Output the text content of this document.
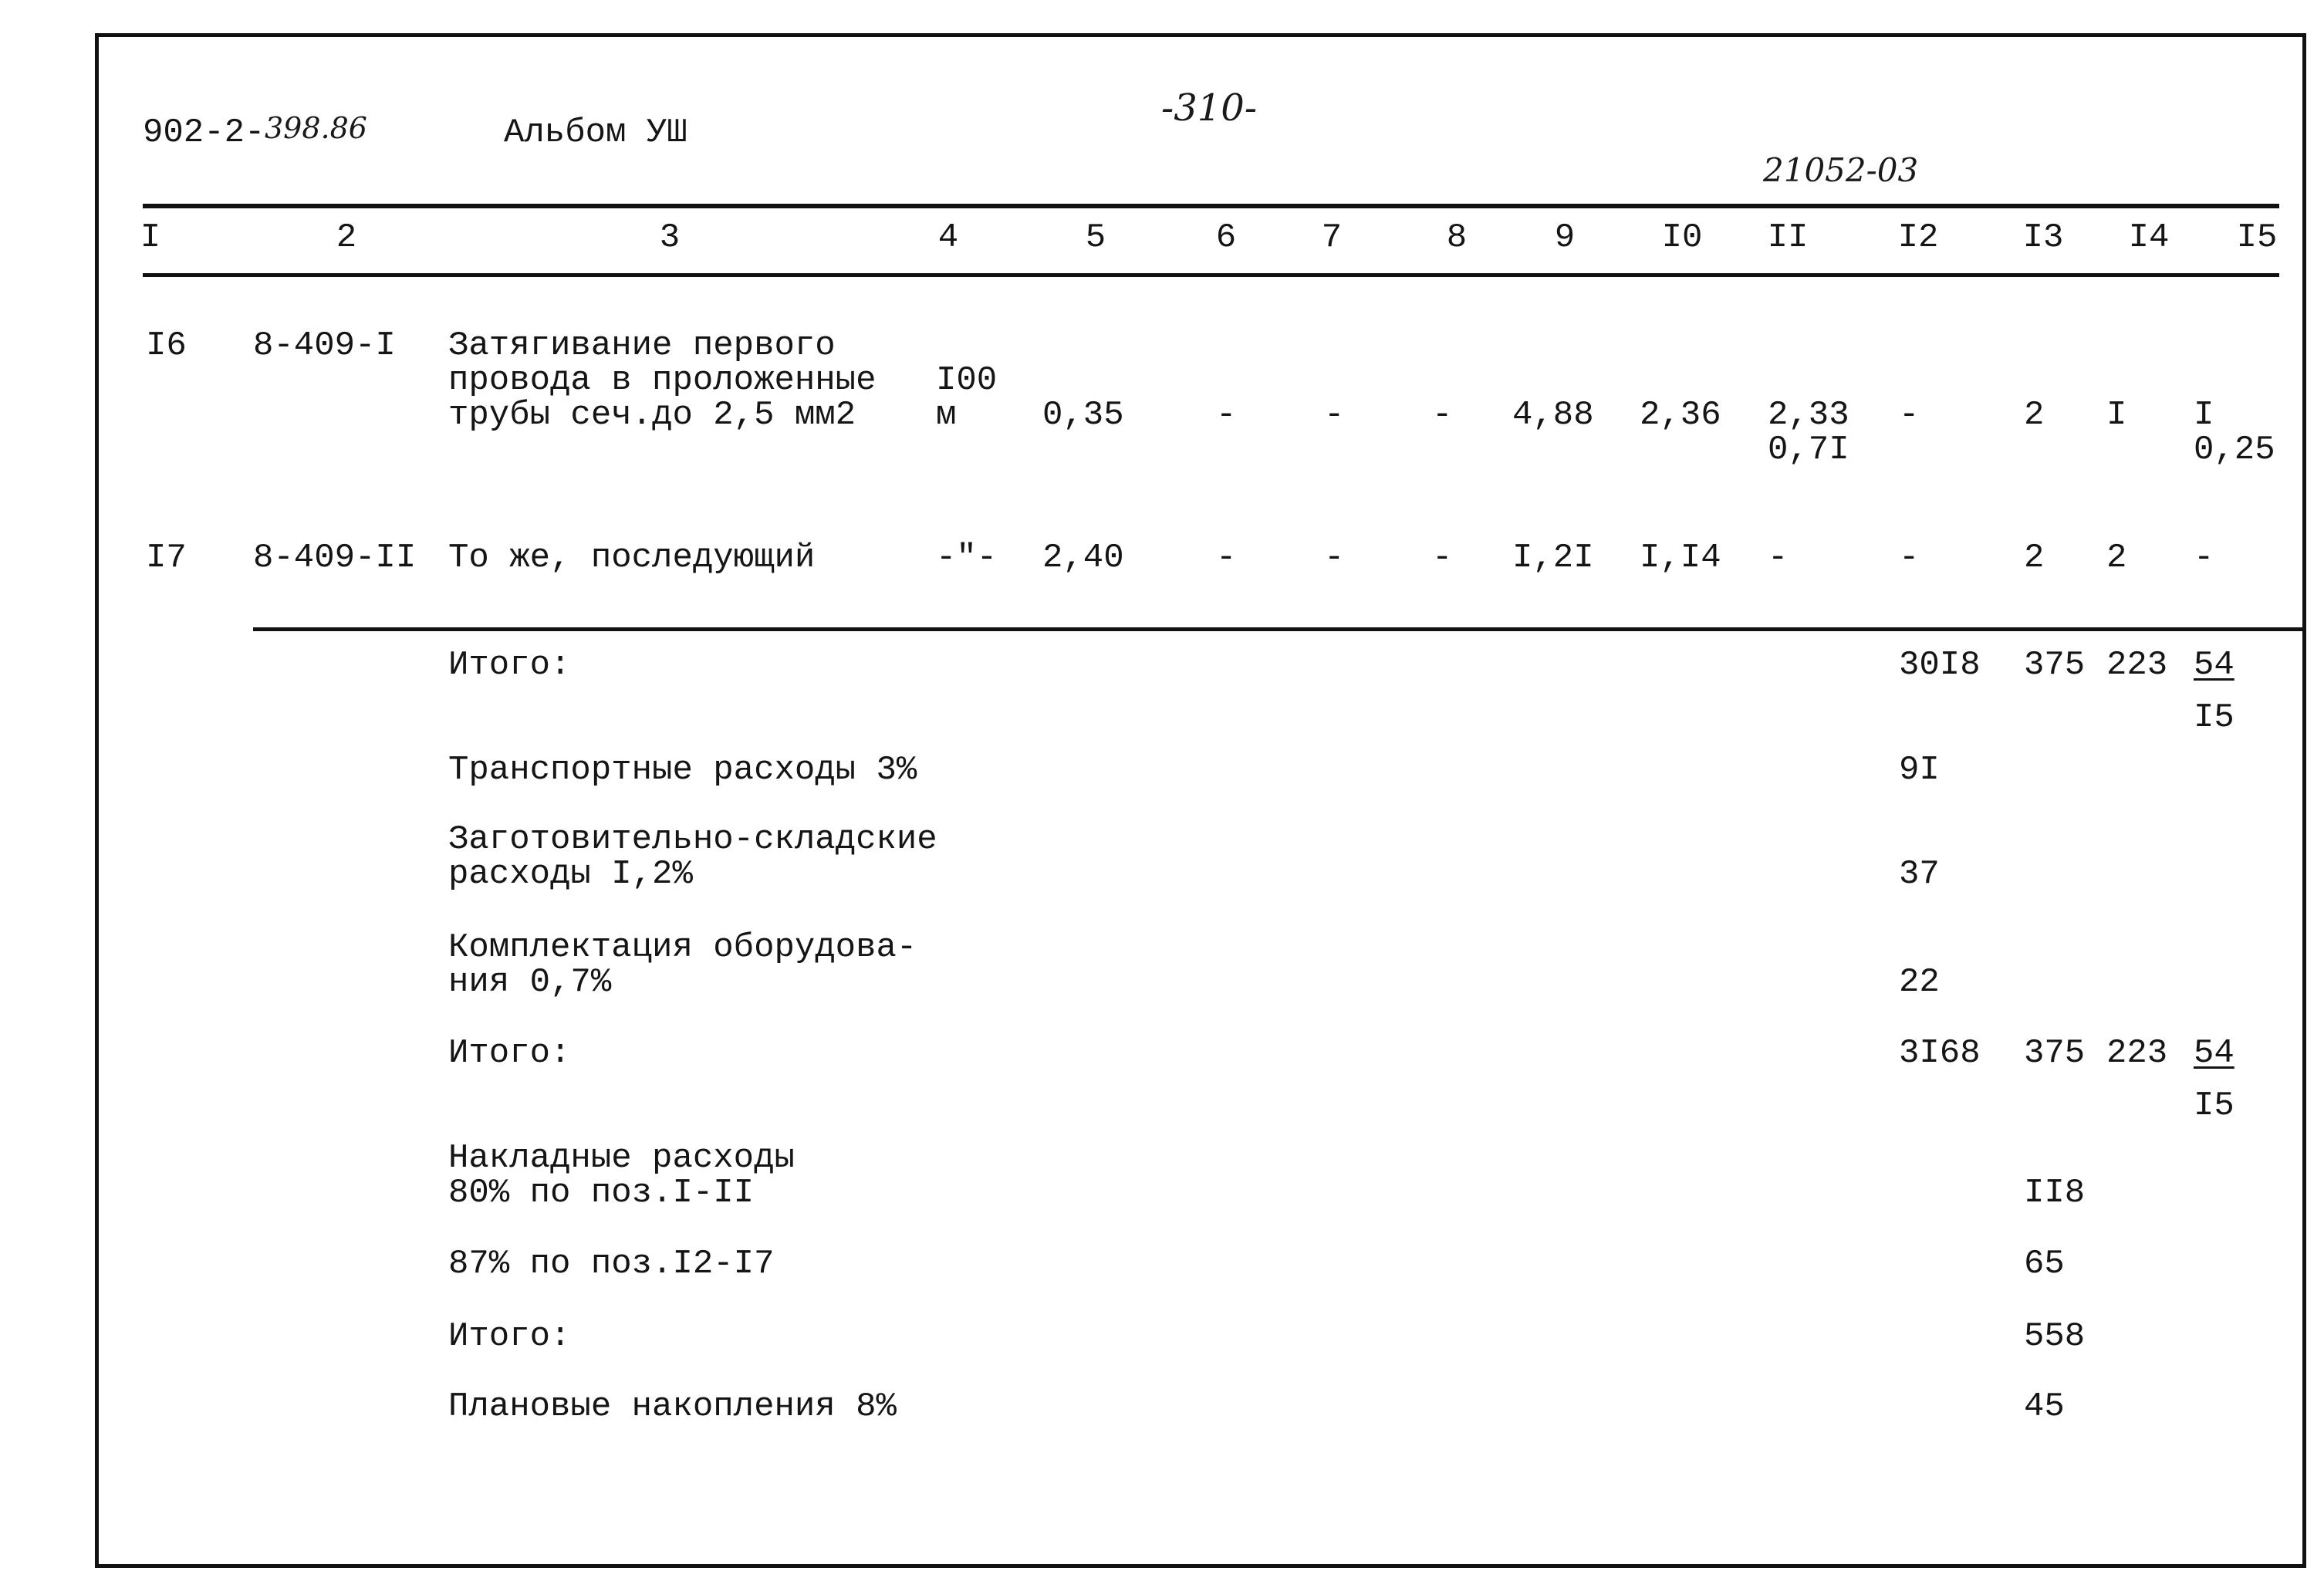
902-2- 398.86	Альбом УШ
-310-
21052-03
I	2	3	4	5	6	7	8	9	I0	II	I2	I3	I4	I5
I6 8-409-I Затягивание первого
провода в проложенные
трубы сеч.до 2,5 мм2
I00
м	0,35	-	-	- 4,88 2,36 2,33
0,7I
-	2 I I
0,25
I7 8-409-II То же, последующий	-"- 2,40	-	-	- I,2I I,I4 -	-	2 2 -
Итого:	30I8 375 223 54
I5
Транспортные расходы 3%	9I
Заготовительно-складские
расходы I,2%	37
Комплектация оборудова-
ния 0,7%	22
Итого:	3I68 375 223 54
I5
Накладные расходы
80% по поз.I-II	II8
87% по поз.I2-I7	65
Итого:	558
Плановые накопления 8%	45
